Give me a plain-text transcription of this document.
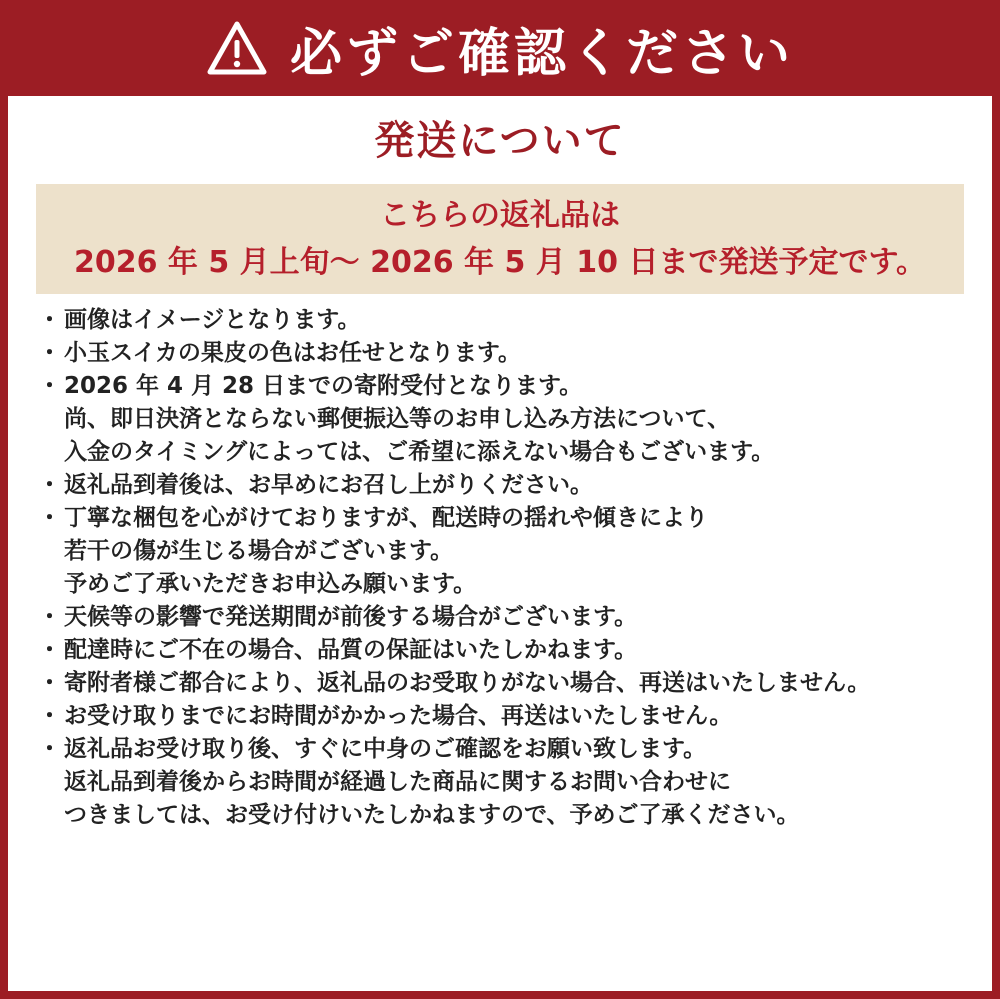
必ずご確認ください
発送について
こちらの返礼品は
2026 年 5 月上旬～ 2026 年 5 月 10 日まで発送予定です。
・ 画像はイメージとなります。
・ 小玉スイカの果皮の色はお任せとなります。
・ 2026 年 4 月 28 日までの寄附受付となります。
尚、即日決済とならない郵便振込等のお申し込み方法について、
入金のタイミングによっては、ご希望に添えない場合もございます。
・ 返礼品到着後は、お早めにお召し上がりください。
・ 丁寧な梱包を心がけておりますが、配送時の揺れや傾きにより
若干の傷が生じる場合がございます。
予めご了承いただきお申込み願います。
・ 天候等の影響で発送期間が前後する場合がございます。
・ 配達時にご不在の場合、品質の保証はいたしかねます。
・ 寄附者様ご都合により、返礼品のお受取りがない場合、再送はいたしません。
・ お受け取りまでにお時間がかかった場合、再送はいたしません。
・ 返礼品お受け取り後、すぐに中身のご確認をお願い致します。
返礼品到着後からお時間が経過した商品に関するお問い合わせに
つきましては、お受け付けいたしかねますので、予めご了承ください。
